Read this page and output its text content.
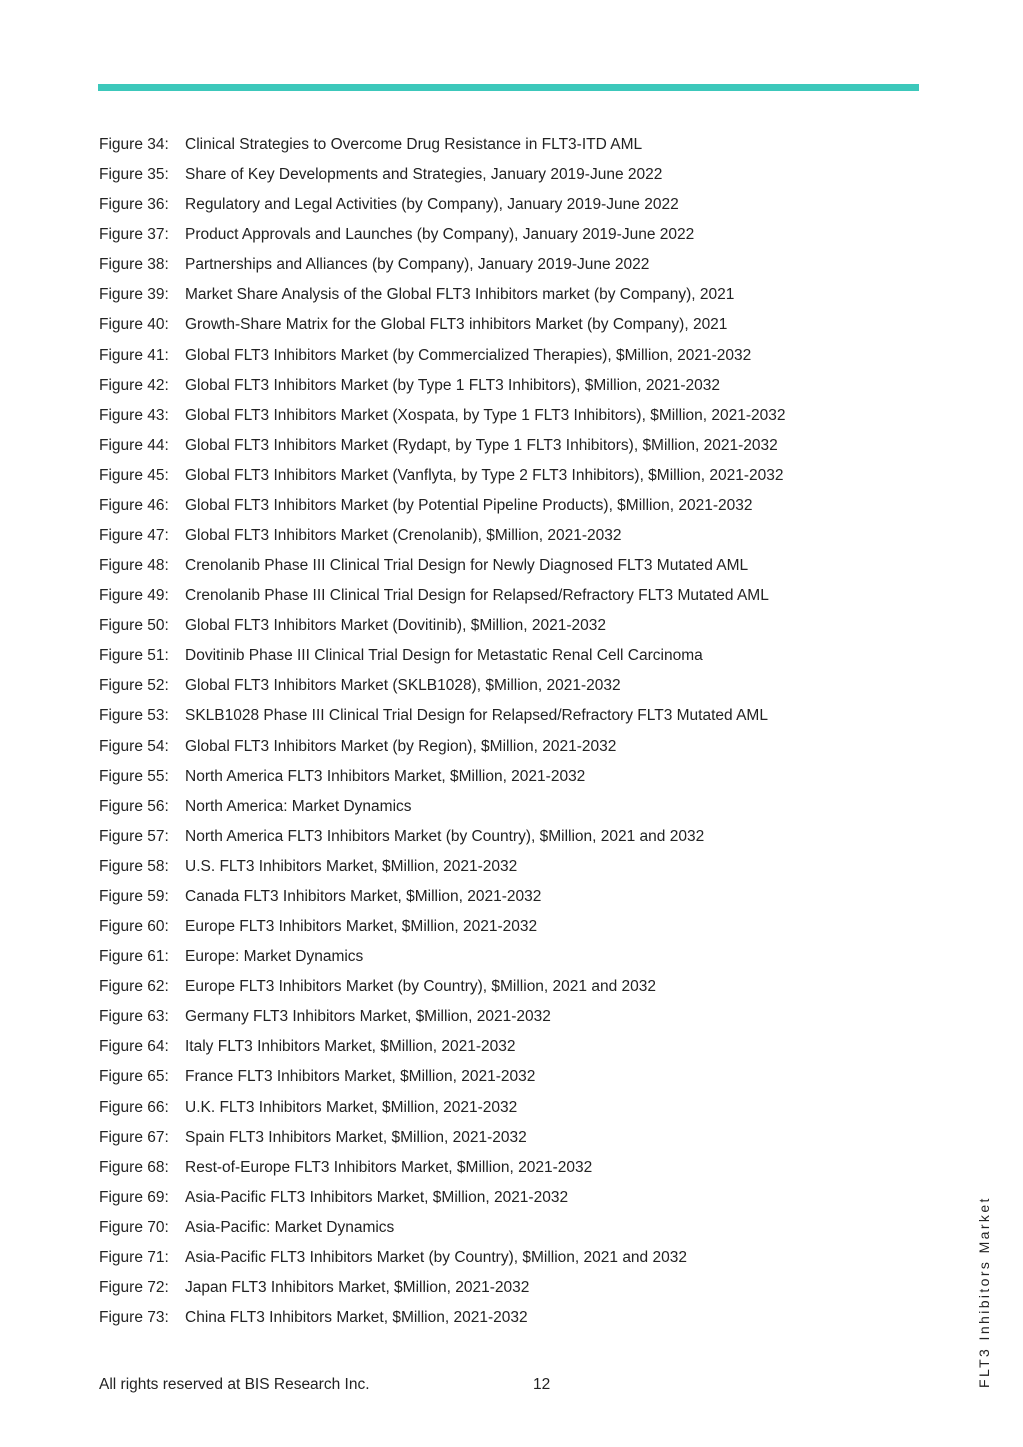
Figure 34:	Clinical Strategies to Overcome Drug Resistance in FLT3-ITD AML
Figure 35:	Share of Key Developments and Strategies, January 2019-June 2022
Figure 36:	Regulatory and Legal Activities (by Company), January 2019-June 2022
Figure 37:	Product Approvals and Launches (by Company), January 2019-June 2022
Figure 38:	Partnerships and Alliances (by Company), January 2019-June 2022
Figure 39:	Market Share Analysis of the Global FLT3 Inhibitors market (by Company), 2021
Figure 40:	Growth-Share Matrix for the Global FLT3 inhibitors Market (by Company), 2021
Figure 41:	Global FLT3 Inhibitors Market (by Commercialized Therapies), $Million, 2021-2032
Figure 42:	Global FLT3 Inhibitors Market (by Type 1 FLT3 Inhibitors), $Million, 2021-2032
Figure 43:	Global FLT3 Inhibitors Market (Xospata, by Type 1 FLT3 Inhibitors), $Million, 2021-2032
Figure 44:	Global FLT3 Inhibitors Market (Rydapt, by Type 1 FLT3 Inhibitors), $Million, 2021-2032
Figure 45:	Global FLT3 Inhibitors Market (Vanflyta, by Type 2 FLT3 Inhibitors), $Million, 2021-2032
Figure 46:	Global FLT3 Inhibitors Market (by Potential Pipeline Products), $Million, 2021-2032
Figure 47:	Global FLT3 Inhibitors Market (Crenolanib), $Million, 2021-2032
Figure 48:	Crenolanib Phase III Clinical Trial Design for Newly Diagnosed FLT3 Mutated AML
Figure 49:	Crenolanib Phase III Clinical Trial Design for Relapsed/Refractory FLT3 Mutated AML
Figure 50:	Global FLT3 Inhibitors Market (Dovitinib), $Million, 2021-2032
Figure 51:	Dovitinib Phase III Clinical Trial Design for Metastatic Renal Cell Carcinoma
Figure 52:	Global FLT3 Inhibitors Market (SKLB1028), $Million, 2021-2032
Figure 53:	SKLB1028 Phase III Clinical Trial Design for Relapsed/Refractory FLT3 Mutated AML
Figure 54:	Global FLT3 Inhibitors Market (by Region), $Million, 2021-2032
Figure 55:	North America FLT3 Inhibitors Market, $Million, 2021-2032
Figure 56:	North America: Market Dynamics
Figure 57:	North America FLT3 Inhibitors Market (by Country), $Million, 2021 and 2032
Figure 58:	U.S. FLT3 Inhibitors Market, $Million, 2021-2032
Figure 59:	Canada FLT3 Inhibitors Market, $Million, 2021-2032
Figure 60:	Europe FLT3 Inhibitors Market, $Million, 2021-2032
Figure 61:	Europe: Market Dynamics
Figure 62:	Europe FLT3 Inhibitors Market (by Country), $Million, 2021 and 2032
Figure 63:	Germany FLT3 Inhibitors Market, $Million, 2021-2032
Figure 64:	Italy FLT3 Inhibitors Market, $Million, 2021-2032
Figure 65:	France FLT3 Inhibitors Market, $Million, 2021-2032
Figure 66:	U.K. FLT3 Inhibitors Market, $Million, 2021-2032
Figure 67:	Spain FLT3 Inhibitors Market, $Million, 2021-2032
Figure 68:	Rest-of-Europe FLT3 Inhibitors Market, $Million, 2021-2032
Figure 69:	Asia-Pacific FLT3 Inhibitors Market, $Million, 2021-2032
Figure 70:	Asia-Pacific: Market Dynamics
Figure 71:	Asia-Pacific FLT3 Inhibitors Market (by Country), $Million, 2021 and 2032
Figure 72:	Japan FLT3 Inhibitors Market, $Million, 2021-2032
Figure 73:	China FLT3 Inhibitors Market, $Million, 2021-2032
All rights reserved at BIS Research Inc.	12	FLT3 Inhibitors Market
